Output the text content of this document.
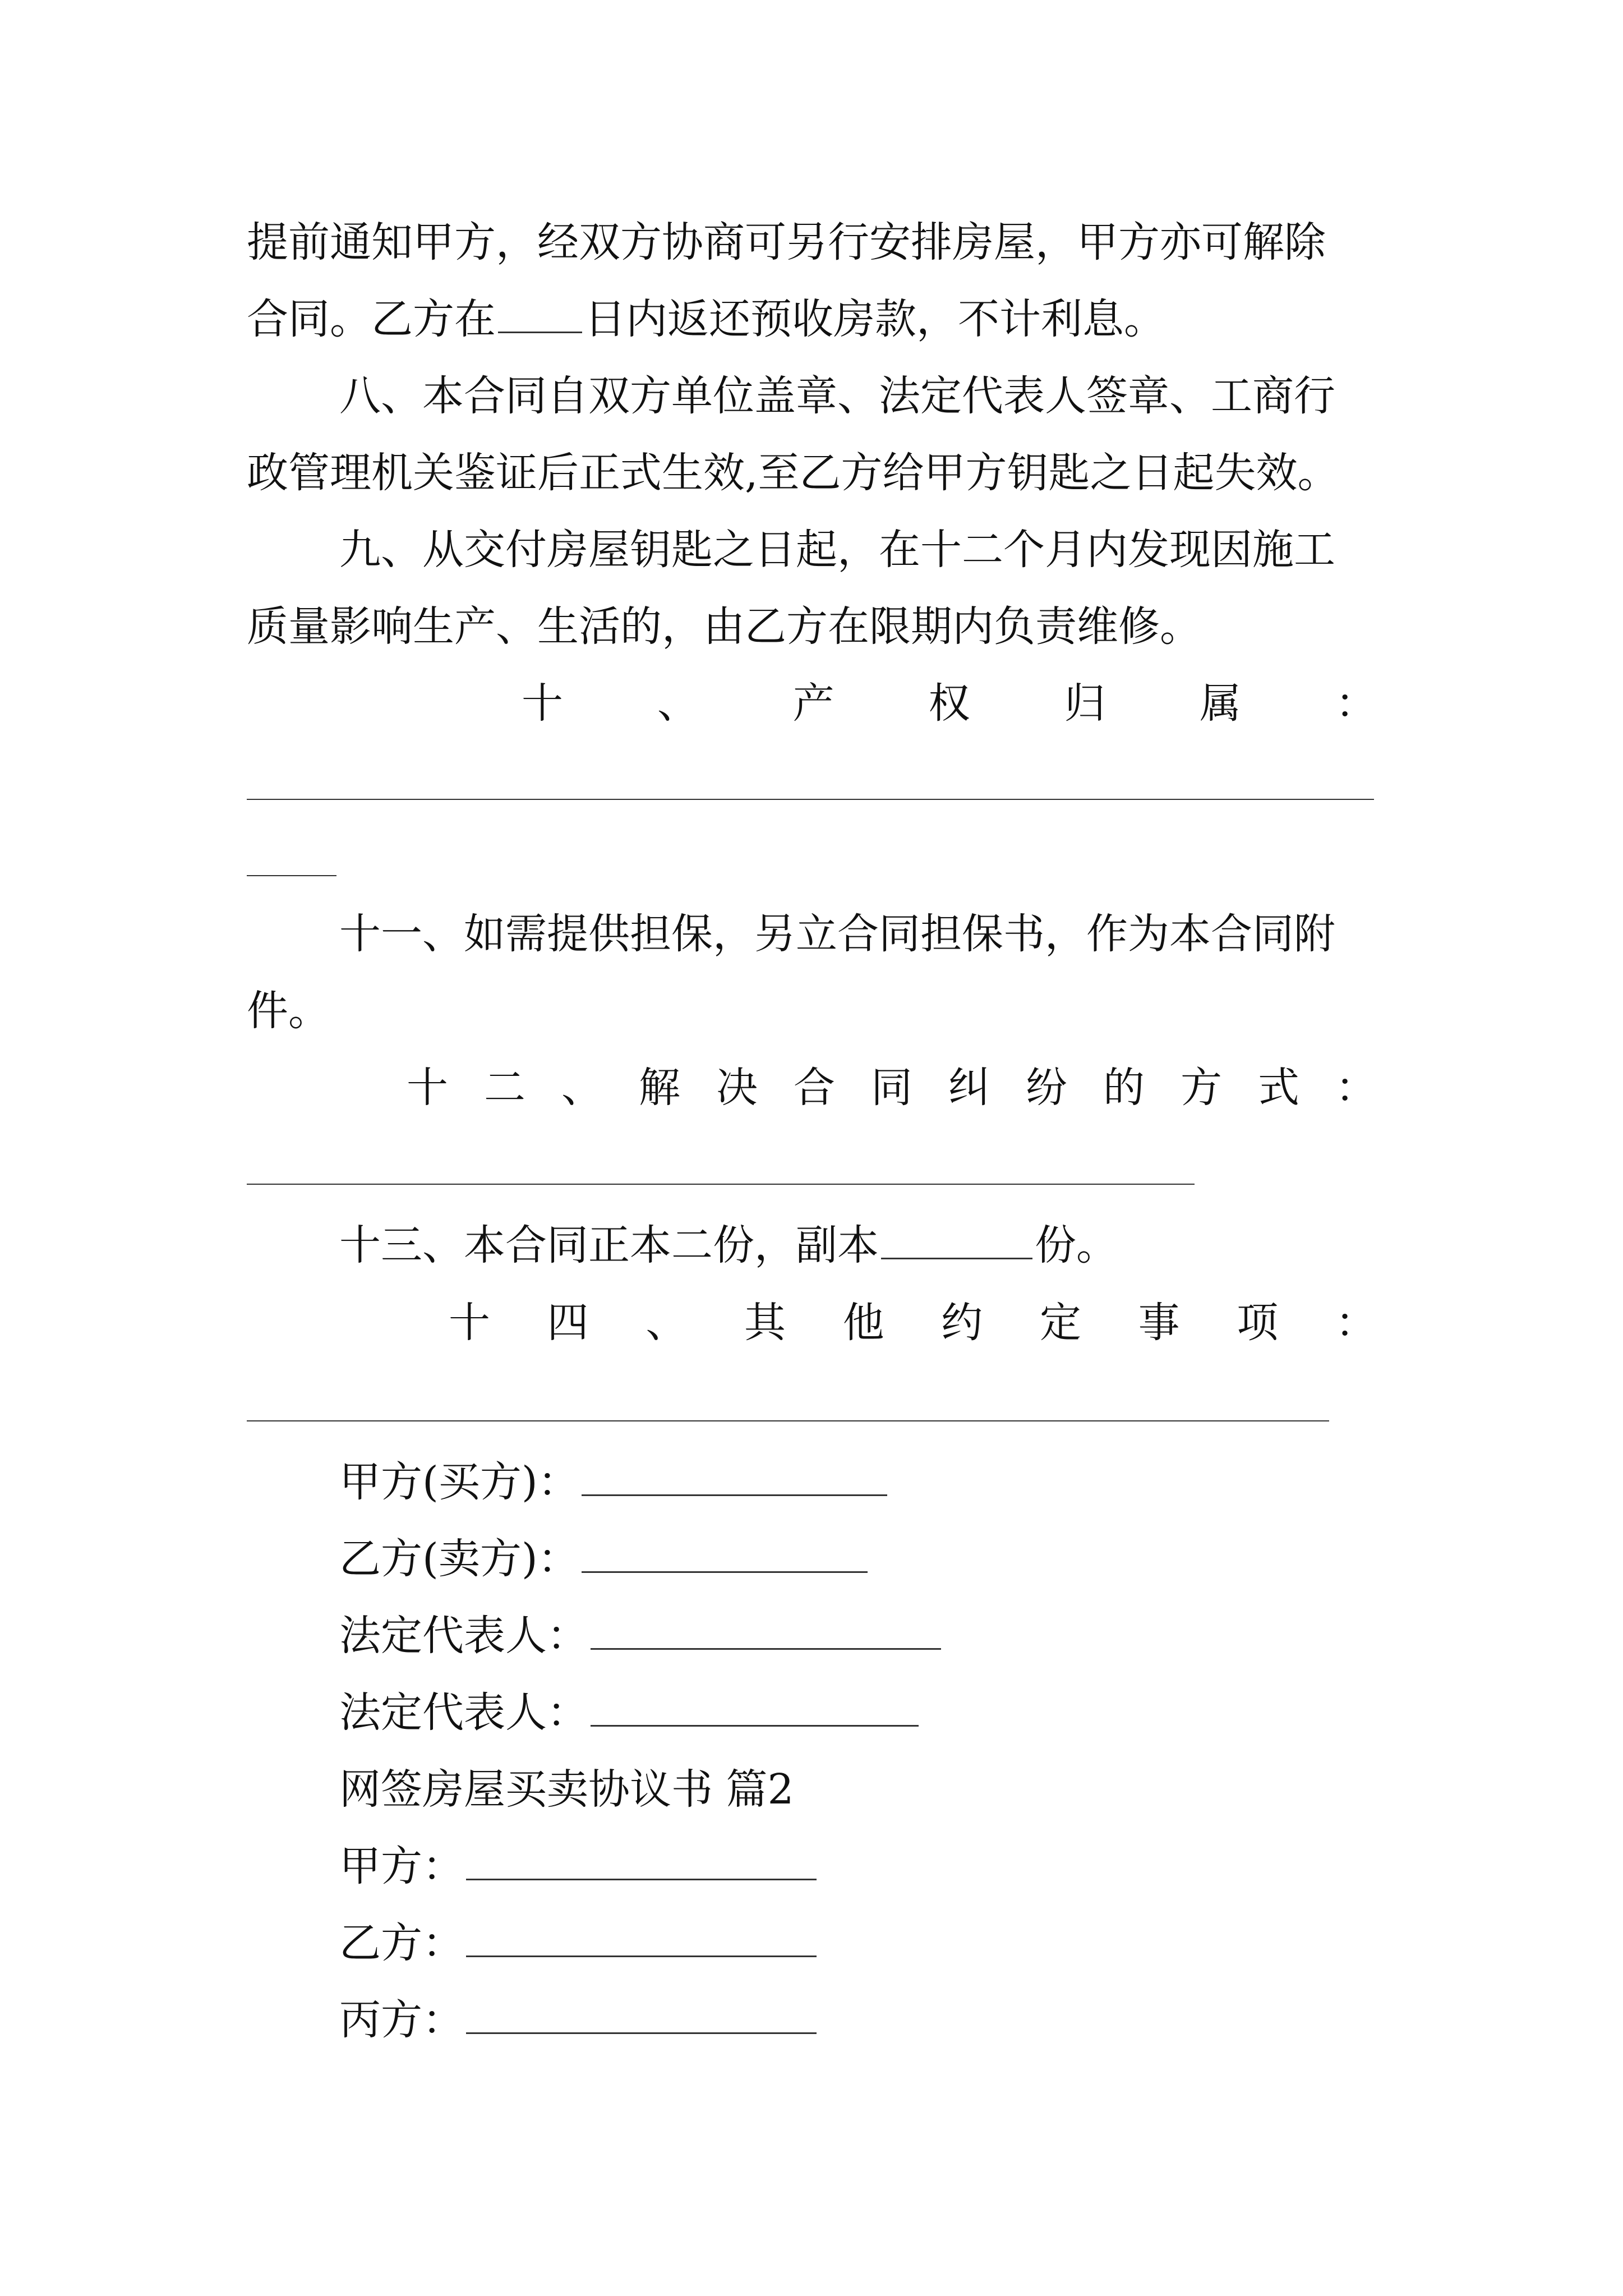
提前通知甲方，经双方协商可另行安排房屋，甲方亦可解除
合同。乙方在 日内返还预收房款，不计利息。
八、本合同自双方单位盖章、法定代表人签章、工商行
政管理机关鉴证后正式生效,至乙方给甲方钥匙之日起失效。
九、从交付房屋钥匙之日起，在十二个月内发现因施工
质量影响生产、生活的，由乙方在限期内负责维修。
十 、 产 权 归 属 ：
十一、如需提供担保，另立合同担保书，作为本合同附
件。
十 二 、 解 决 合 同 纠 纷 的 方 式 ：
十三、本合同正本二份，副本	份。
十 四 、 其 他 约 定 事 项 ：
甲方(买方)：
乙方(卖方)：
法定代表人：
法定代表人：
网签房屋买卖协议书 篇2
甲方：
乙方：
丙方：
